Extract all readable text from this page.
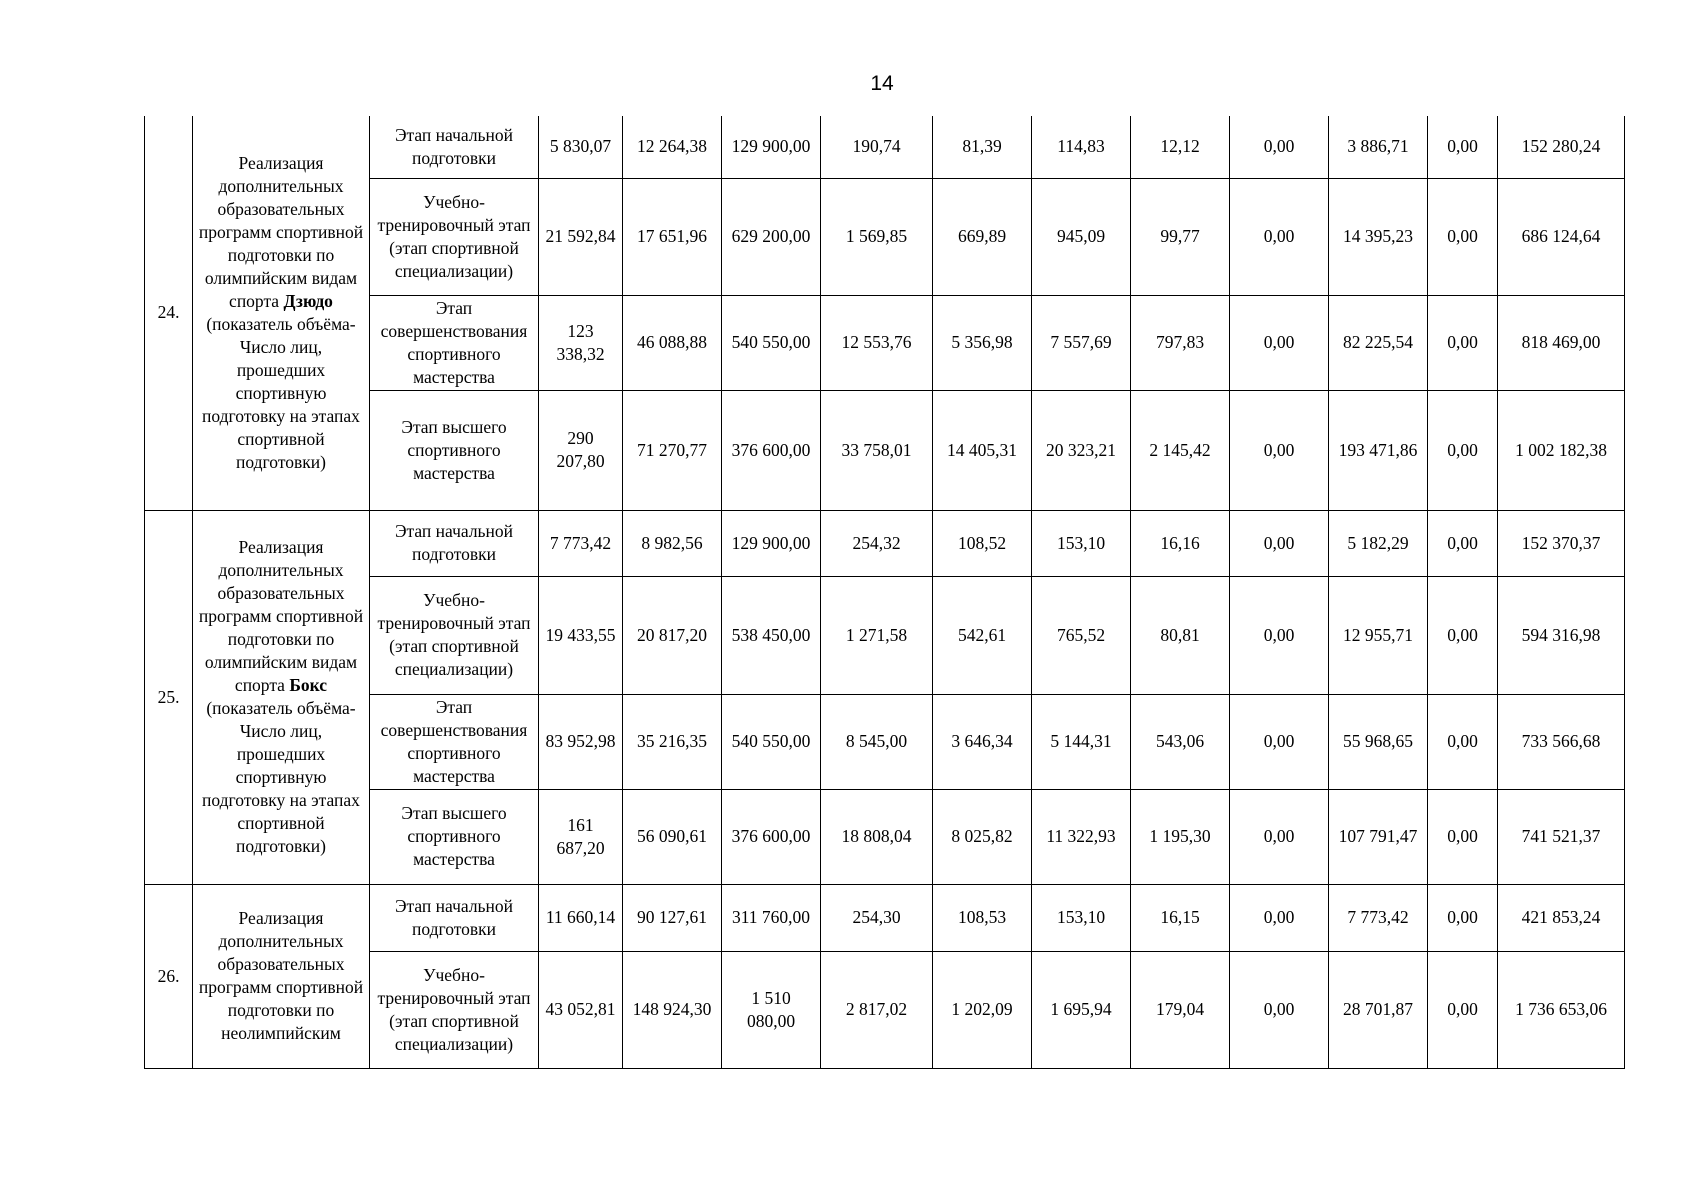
14
24.	Реализация дополнительных образовательных программ спортивной подготовки по олимпийским видам спорта Дзюдо (показатель объёма-Число лиц, прошедших спортивную подготовку на этапах спортивной подготовки)	Этап начальной подготовки	5 830,07	12 264,38	129 900,00	190,74	81,39	114,83	12,12	0,00	3 886,71	0,00	152 280,24
		Учебно-тренировочный этап (этап спортивной специализации)	21 592,84	17 651,96	629 200,00	1 569,85	669,89	945,09	99,77	0,00	14 395,23	0,00	686 124,64
		Этап совершенствования спортивного мастерства	123 338,32	46 088,88	540 550,00	12 553,76	5 356,98	7 557,69	797,83	0,00	82 225,54	0,00	818 469,00
		Этап высшего спортивного мастерства	290 207,80	71 270,77	376 600,00	33 758,01	14 405,31	20 323,21	2 145,42	0,00	193 471,86	0,00	1 002 182,38
25.	Реализация дополнительных образовательных программ спортивной подготовки по олимпийским видам спорта Бокс (показатель объёма-Число лиц, прошедших спортивную подготовку на этапах спортивной подготовки)	Этап начальной подготовки	7 773,42	8 982,56	129 900,00	254,32	108,52	153,10	16,16	0,00	5 182,29	0,00	152 370,37
		Учебно-тренировочный этап (этап спортивной специализации)	19 433,55	20 817,20	538 450,00	1 271,58	542,61	765,52	80,81	0,00	12 955,71	0,00	594 316,98
		Этап совершенствования спортивного мастерства	83 952,98	35 216,35	540 550,00	8 545,00	3 646,34	5 144,31	543,06	0,00	55 968,65	0,00	733 566,68
		Этап высшего спортивного мастерства	161 687,20	56 090,61	376 600,00	18 808,04	8 025,82	11 322,93	1 195,30	0,00	107 791,47	0,00	741 521,37
26.	Реализация дополнительных образовательных программ спортивной подготовки по неолимпийским	Этап начальной подготовки	11 660,14	90 127,61	311 760,00	254,30	108,53	153,10	16,15	0,00	7 773,42	0,00	421 853,24
		Учебно-тренировочный этап (этап спортивной специализации)	43 052,81	148 924,30	1 510 080,00	2 817,02	1 202,09	1 695,94	179,04	0,00	28 701,87	0,00	1 736 653,06
